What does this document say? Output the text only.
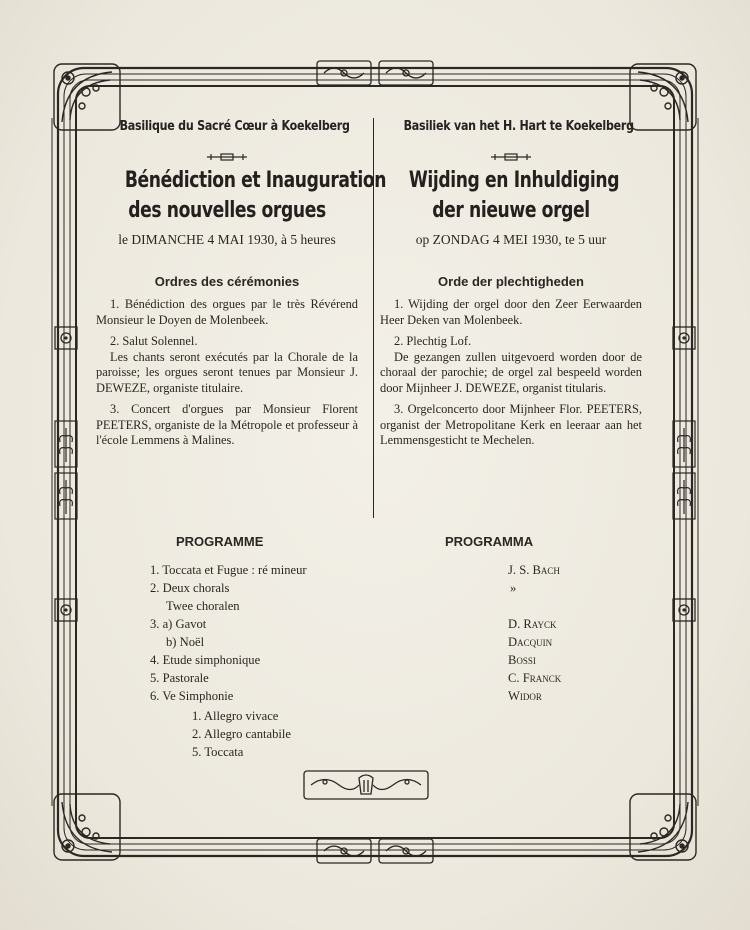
Basilique du Sacré Cœur à Koekelberg
Bénédiction et Inauguration
des nouvelles orgues
le DIMANCHE 4 MAI 1930, à 5 heures
Ordres des cérémonies

1. Bénédiction des orgues par le très Révérend Monsieur le Doyen de Molenbeek.

2. Salut Solennel.

Les chants seront exécutés par la Chorale de la paroisse; les orgues seront tenues par Monsieur J. DEWEZE, organiste titulaire.

3. Concert d'orgues par Monsieur Florent PEETERS, organiste de la Métropole et professeur à l'école Lemmens à Malines.

Basiliek van het H. Hart te Koekelberg
Wijding en Inhuldiging
der nieuwe orgel
op ZONDAG 4 MEI 1930, te 5 uur
Orde der plechtigheden

1. Wijding der orgel door den Zeer Eerwaarden Heer Deken van Molenbeek.

2. Plechtig Lof.

De gezangen zullen uitgevoerd worden door de choraal der parochie; de orgel zal bespeeld worden door Mijnheer J. DEWEZE, organist titularis.

3. Orgelconcerto door Mijnheer Flor. PEETERS, organist der Metropolitane Kerk en leeraar aan het Lemmensgesticht te Mechelen.

PROGRAMME
1. Toccata et Fugue : ré mineur
2. Deux chorals
Twee choralen
3. a) Gavot
b) Noël
4. Etude simphonique
5. Pastorale
6. Ve Simphonie
1. Allegro vivace
2. Allegro cantabile
5. Toccata
PROGRAMMA
J. S. Bach
»
D. Rayck
Dacquin
Bossi
C. Franck
Widor
